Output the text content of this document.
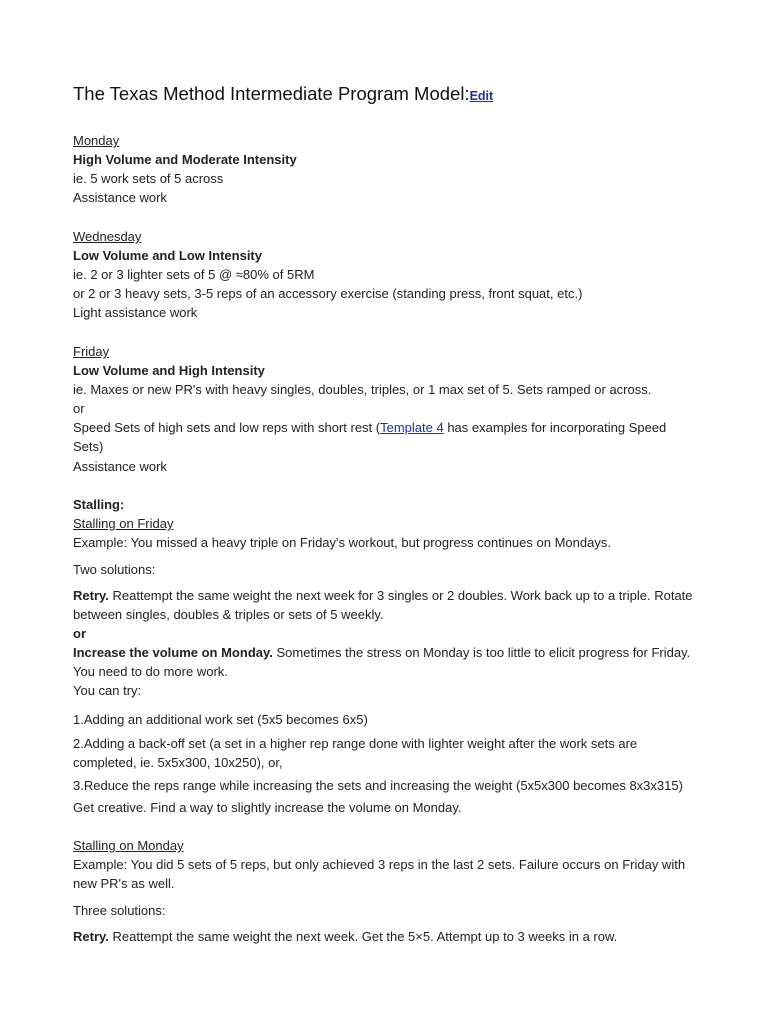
The Texas Method Intermediate Program Model:Edit
Monday
High Volume and Moderate Intensity
ie. 5 work sets of 5 across
Assistance work
Wednesday
Low Volume and Low Intensity
ie. 2 or 3 lighter sets of 5 @ ≈80% of 5RM
or 2 or 3 heavy sets, 3-5 reps of an accessory exercise (standing press, front squat, etc.)
Light assistance work
Friday
Low Volume and High Intensity
ie. Maxes or new PR's with heavy singles, doubles, triples, or 1 max set of 5. Sets ramped or across.
or
Speed Sets of high sets and low reps with short rest (Template 4 has examples for incorporating Speed
Sets)
Assistance work
Stalling:
Stalling on Friday
Example: You missed a heavy triple on Friday's workout, but progress continues on Mondays.
Two solutions:
Retry. Reattempt the same weight the next week for 3 singles or 2 doubles. Work back up to a triple. Rotate
between singles, doubles & triples or sets of 5 weekly.
or
Increase the volume on Monday. Sometimes the stress on Monday is too little to elicit progress for Friday.
You need to do more work.
You can try:
1.Adding an additional work set (5x5 becomes 6x5)
2.Adding a back-off set (a set in a higher rep range done with lighter weight after the work sets are
completed, ie. 5x5x300, 10x250), or,
3.Reduce the reps range while increasing the sets and increasing the weight (5x5x300 becomes 8x3x315)
Get creative. Find a way to slightly increase the volume on Monday.
Stalling on Monday
Example: You did 5 sets of 5 reps, but only achieved 3 reps in the last 2 sets. Failure occurs on Friday with
new PR's as well.
Three solutions:
Retry. Reattempt the same weight the next week. Get the 5×5. Attempt up to 3 weeks in a row.
